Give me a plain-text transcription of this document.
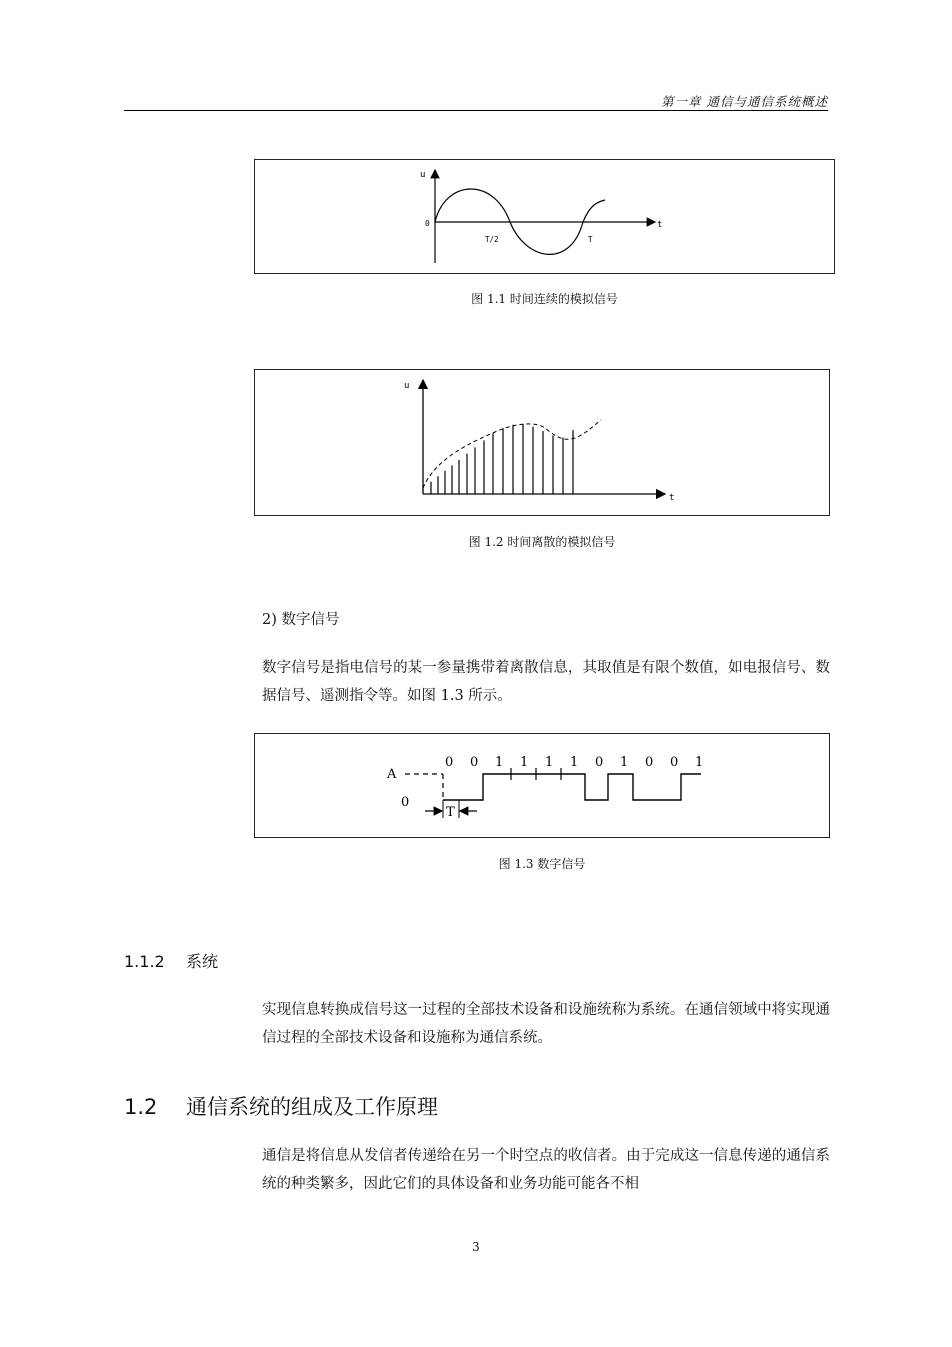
第一章 通信与通信系统概述
u
t
0
T/2	T
图 1.1 时间连续的模拟信号
u
t
图 1.2 时间离散的模拟信号
2) 数字信号
数字信号是指电信号的某一参量携带着离散信息，其取值是有限个数值，如电报信号、数据信号、遥测指令等。如图 1.3 所示。
A
0
T
0 0 1 1 1 1 0 1 0 0 1
图 1.3 数字信号
1.1.2 系统
实现信息转换成信号这一过程的全部技术设备和设施统称为系统。在通信领域中将实现通信过程的全部技术设备和设施称为通信系统。
1.2 通信系统的组成及工作原理
通信是将信息从发信者传递给在另一个时空点的收信者。由于完成这一信息传递的通信系统的种类繁多，因此它们的具体设备和业务功能可能各不相
3
